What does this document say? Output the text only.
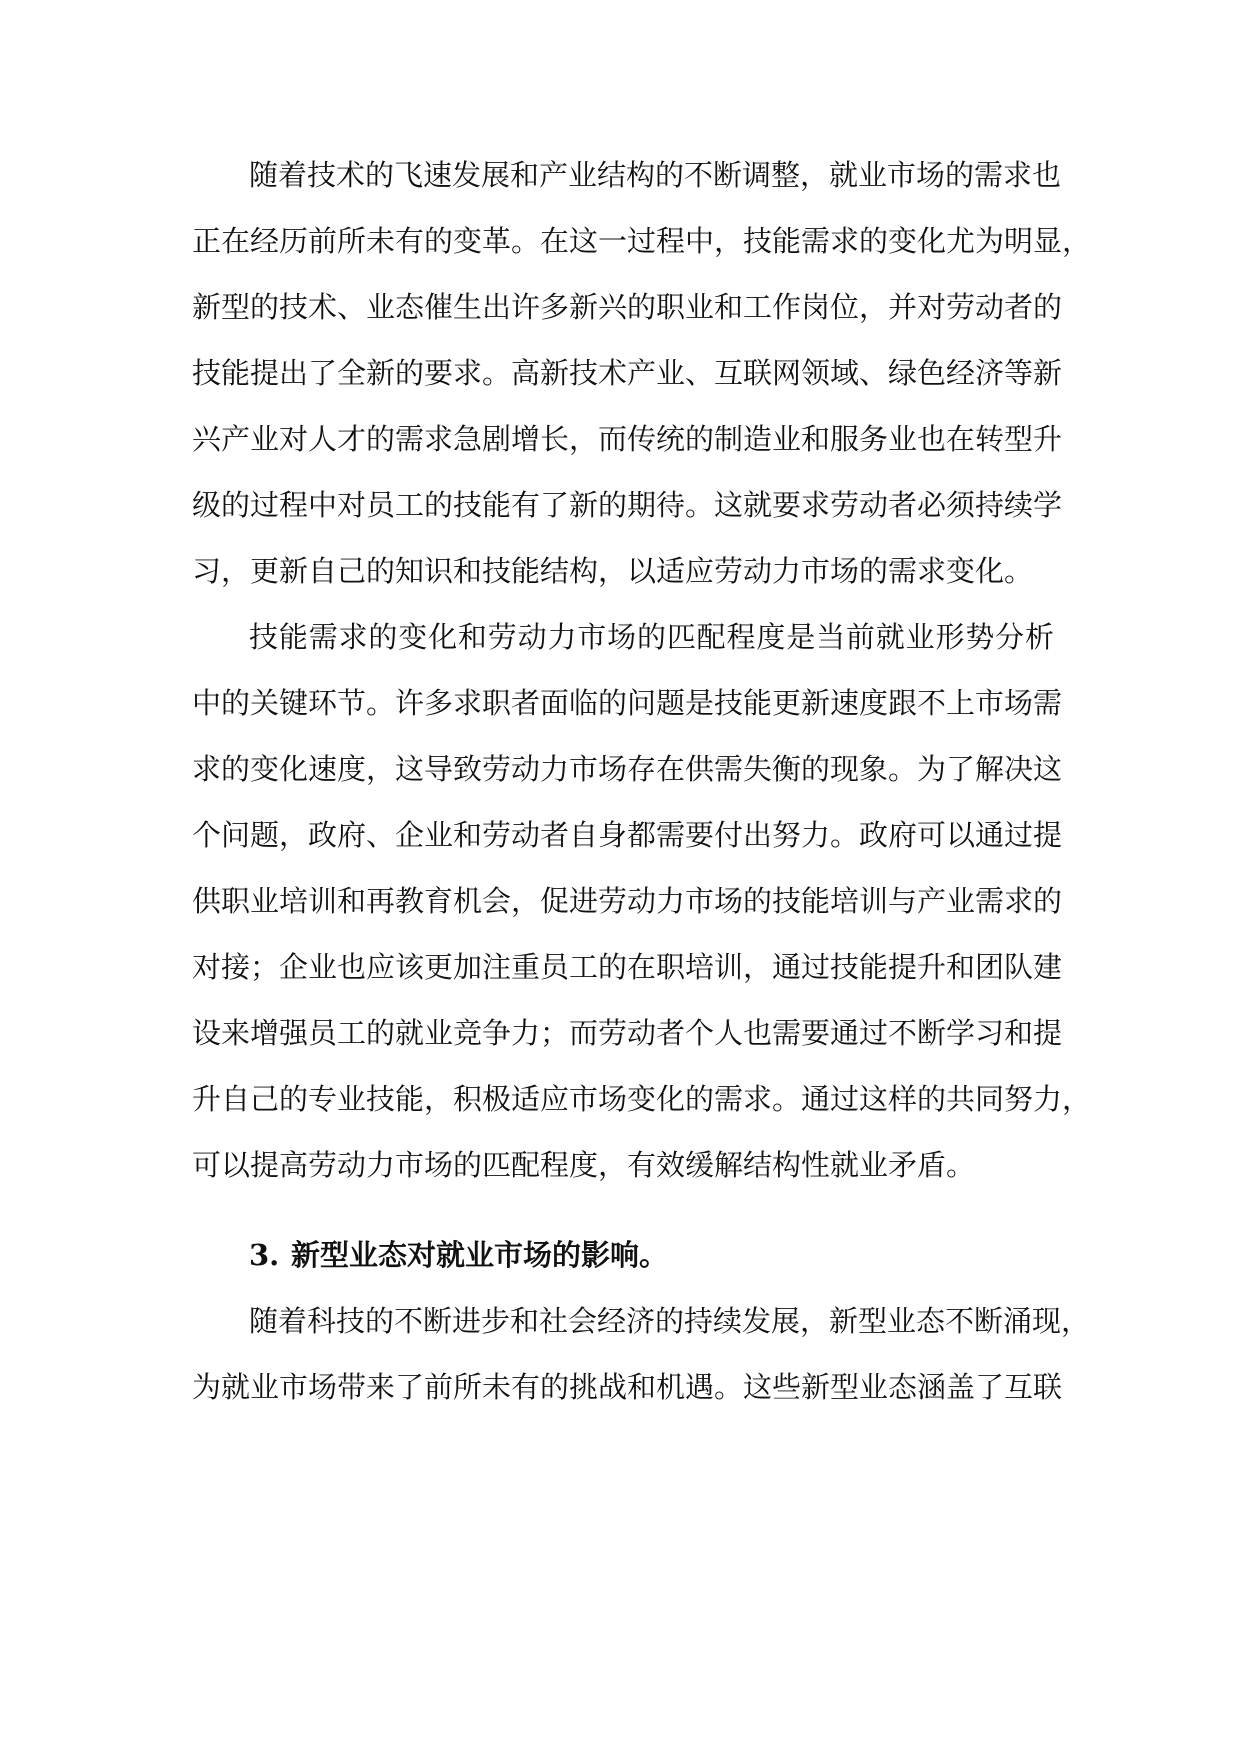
随着技术的飞速发展和产业结构的不断调整，就业市场的需求也
正在经历前所未有的变革。在这一过程中，技能需求的变化尤为明显，
新型的技术、业态催生出许多新兴的职业和工作岗位，并对劳动者的
技能提出了全新的要求。高新技术产业、互联网领域、绿色经济等新
兴产业对人才的需求急剧增长，而传统的制造业和服务业也在转型升
级的过程中对员工的技能有了新的期待。这就要求劳动者必须持续学
习，更新自己的知识和技能结构，以适应劳动力市场的需求变化。
技能需求的变化和劳动力市场的匹配程度是当前就业形势分析
中的关键环节。许多求职者面临的问题是技能更新速度跟不上市场需
求的变化速度，这导致劳动力市场存在供需失衡的现象。为了解决这
个问题，政府、企业和劳动者自身都需要付出努力。政府可以通过提
供职业培训和再教育机会，促进劳动力市场的技能培训与产业需求的
对接；企业也应该更加注重员工的在职培训，通过技能提升和团队建
设来增强员工的就业竞争力；而劳动者个人也需要通过不断学习和提
升自己的专业技能，积极适应市场变化的需求。通过这样的共同努力，
可以提高劳动力市场的匹配程度，有效缓解结构性就业矛盾。
3. 新型业态对就业市场的影响。
随着科技的不断进步和社会经济的持续发展，新型业态不断涌现，
为就业市场带来了前所未有的挑战和机遇。这些新型业态涵盖了互联
